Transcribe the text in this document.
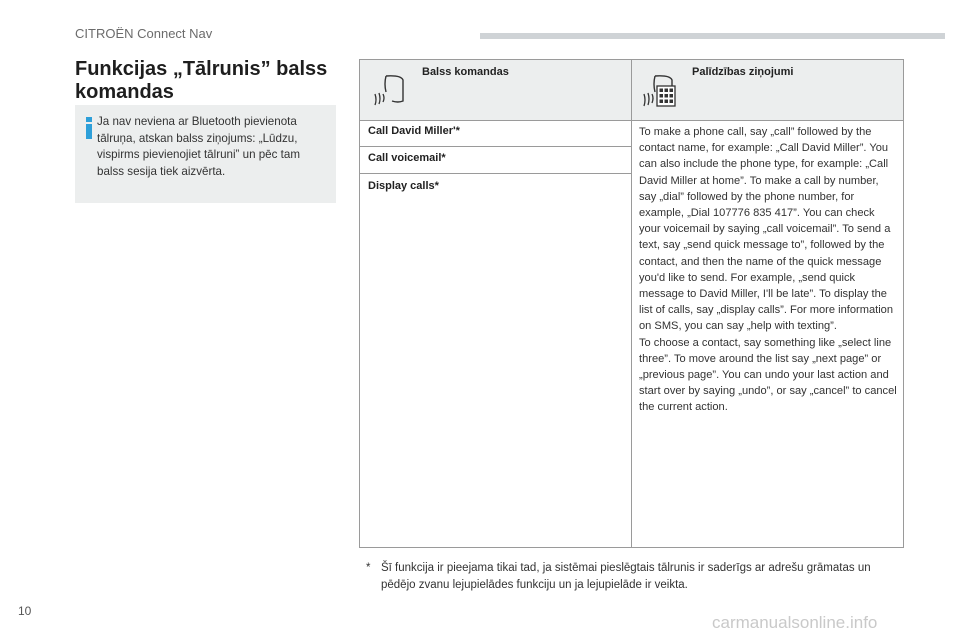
CITROËN Connect Nav
Funkcijas „Tālrunis” balss komandas
Ja nav neviena ar Bluetooth pievienota tālruņa, atskan balss ziņojums: „Lūdzu, vispirms pievienojiet tālruni” un pēc tam balss sesija tiek aizvērta.
Balss komandas	Palīdzības ziņojumi
Call David Miller'*
Call voicemail*
Display calls*
To make a phone call, say „call” followed by the contact name, for example: „Call David Miller”. You can also include the phone type, for example: „Call David Miller at home”. To make a call by number, say „dial” followed by the phone number, for example, „Dial 107776 835 417”. You can check your voicemail by saying „call voicemail”. To send a text, say „send quick message to”, followed by the contact, and then the name of the quick message you'd like to send. For example, „send quick message to David Miller, I'll be late”. To display the list of calls, say „display calls”. For more information on SMS, you can say „help with texting”.
To choose a contact, say something like „select line three”. To move around the list say „next page” or „previous page”. You can undo your last action and start over by saying „undo”, or say „cancel” to cancel the current action.
* Šī funkcija ir pieejama tikai tad, ja sistēmai pieslēgtais tālrunis ir saderīgs ar adrešu grāmatas un pēdējo zvanu lejupielādes funkciju un ja lejupielāde ir veikta.
10
carmanualsonline.info
